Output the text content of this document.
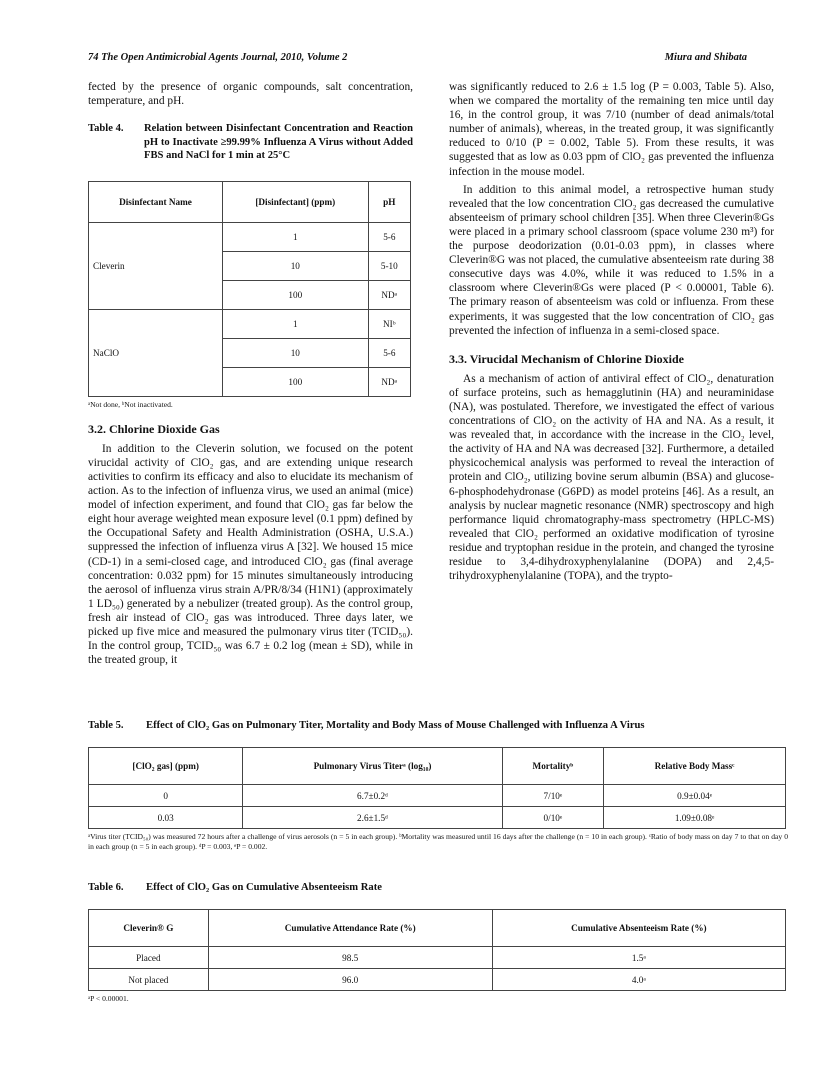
74 The Open Antimicrobial Agents Journal, 2010, Volume 2	Miura and Shibata

fected by the presence of organic compounds, salt concentration, temperature, and pH.

Table 4.	Relation between Disinfectant Concentration and Reaction pH to Inactivate ≥99.99% Influenza A Virus without Added FBS and NaCl for 1 min at 25°C
Disinfectant Name	[Disinfectant] (ppm)	pH
Cleverin	1	5-6
	10	5-10
	100	NDᵃ
NaClO	1	NIᵇ
	10	5-6
	100	NDᵃ
ᵃNot done, ᵇNot inactivated.
3.2. Chlorine Dioxide Gas

In addition to the Cleverin solution, we focused on the potent virucidal activity of ClO₂ gas, and are extending unique research activities to confirm its efficacy and also to elucidate its mechanism of action. As to the infection of influenza virus, we used an animal (mice) model of infection experiment, and found that ClO₂ gas far below the eight hour average weighted mean exposure level (0.1 ppm) defined by the Occupational Safety and Health Administration (OSHA, U.S.A.) suppressed the infection of influenza virus A [32]. We housed 15 mice (CD-1) in a semi-closed cage, and introduced ClO₂ gas (final average concentration: 0.032 ppm) for 15 minutes simultaneously introducing the aerosol of influenza virus strain A/PR/8/34 (H1N1) (approximately 1 LD₅₀) generated by a nebulizer (treated group). As the control group, fresh air instead of ClO₂ gas was introduced. Three days later, we picked up five mice and measured the pulmonary virus titer (TCID₅₀). In the control group, TCID₅₀ was 6.7 ± 0.2 log (mean ± SD), while in the treated group, it

was significantly reduced to 2.6 ± 1.5 log (P = 0.003, Table 5). Also, when we compared the mortality of the remaining ten mice until day 16, in the control group, it was 7/10 (number of dead animals/total number of animals), whereas, in the treated group, it was significantly reduced to 0/10 (P = 0.002, Table 5). From these results, it was suggested that as low as 0.03 ppm of ClO₂ gas prevented the influenza infection in the mouse model.

In addition to this animal model, a retrospective human study revealed that the low concentration ClO₂ gas decreased the cumulative absenteeism of primary school children [35]. When three Cleverin®Gs were placed in a primary school classroom (space volume 230 m³) for the purpose deodorization (0.01-0.03 ppm), in classes where Cleverin®G was not placed, the cumulative absenteeism rate during 38 consecutive days was 4.0%, while it was reduced to 1.5% in a classroom where Cleverin®Gs were placed (P < 0.00001, Table 6). The primary reason of absenteeism was cold or influenza. From these experiments, it was suggested that the low concentration of ClO₂ gas prevented the infection of influenza in a semi-closed space.

3.3. Virucidal Mechanism of Chlorine Dioxide

As a mechanism of action of antiviral effect of ClO₂, denaturation of surface proteins, such as hemagglutinin (HA) and neuraminidase (NA), was postulated. Therefore, we investigated the effect of various concentrations of ClO₂ on the activity of HA and NA. As a result, it was revealed that, in accordance with the increase in the ClO₂ level, the activity of HA and NA was decreased [32]. Furthermore, a detailed physicochemical analysis was performed to reveal the interaction of protein and ClO₂, utilizing bovine serum albumin (BSA) and glucose-6-phosphodehydronase (G6PD) as model proteins [46]. As a result, an analysis by nuclear magnetic resonance (NMR) spectroscopy and high performance liquid chromatography-mass spectrometry (HPLC-MS) revealed that ClO₂ performed an oxidative modification of tyrosine residue and tryptophan residue in the protein, and changed the tyrosine residue to 3,4-dihydroxyphenylalanine (DOPA) and 2,4,5-trihydroxyphenylalanine (TOPA), and the trypto-

Table 5.	Effect of ClO₂ Gas on Pulmonary Titer, Mortality and Body Mass of Mouse Challenged with Influenza A Virus
[ClO₂ gas] (ppm)	Pulmonary Virus Titerᵃ (log₁₀)	Mortalityᵇ	Relative Body Massᶜ
0	6.7±0.2ᵈ	7/10ᵉ	0.9±0.04ᵉ
0.03	2.6±1.5ᵈ	0/10ᵉ	1.09±0.08ᵉ
ᵃVirus titer (TCID₅₀) was measured 72 hours after a challenge of virus aerosols (n = 5 in each group). ᵇMortality was measured until 16 days after the challenge (n = 10 in each group). ᶜRatio of body mass on day 7 to that on day 0 in each group (n = 5 in each group). ᵈP = 0.003, ᵉP = 0.002.
Table 6.	Effect of ClO₂ Gas on Cumulative Absenteeism Rate
Cleverin® G	Cumulative Attendance Rate (%)	Cumulative Absenteeism Rate (%)
Placed	98.5	1.5ᵃ
Not placed	96.0	4.0ᵃ
ᵃP < 0.00001.
